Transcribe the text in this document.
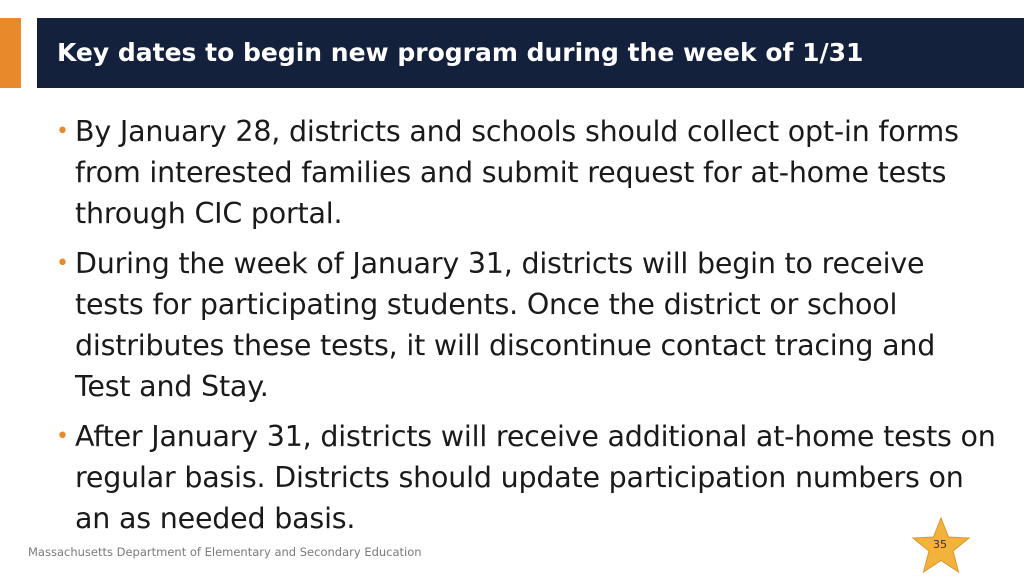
Key dates to begin new program during the week of 1/31
• By January 28, districts and schools should collect opt-in forms from interested families and submit request for at-home tests through CIC portal.
• During the week of January 31, districts will begin to receive tests for participating students. Once the district or school distributes these tests, it will discontinue contact tracing and Test and Stay.
• After January 31, districts will receive additional at-home tests on regular basis. Districts should update participation numbers on an as needed basis.
Massachusetts Department of Elementary and Secondary Education
35
